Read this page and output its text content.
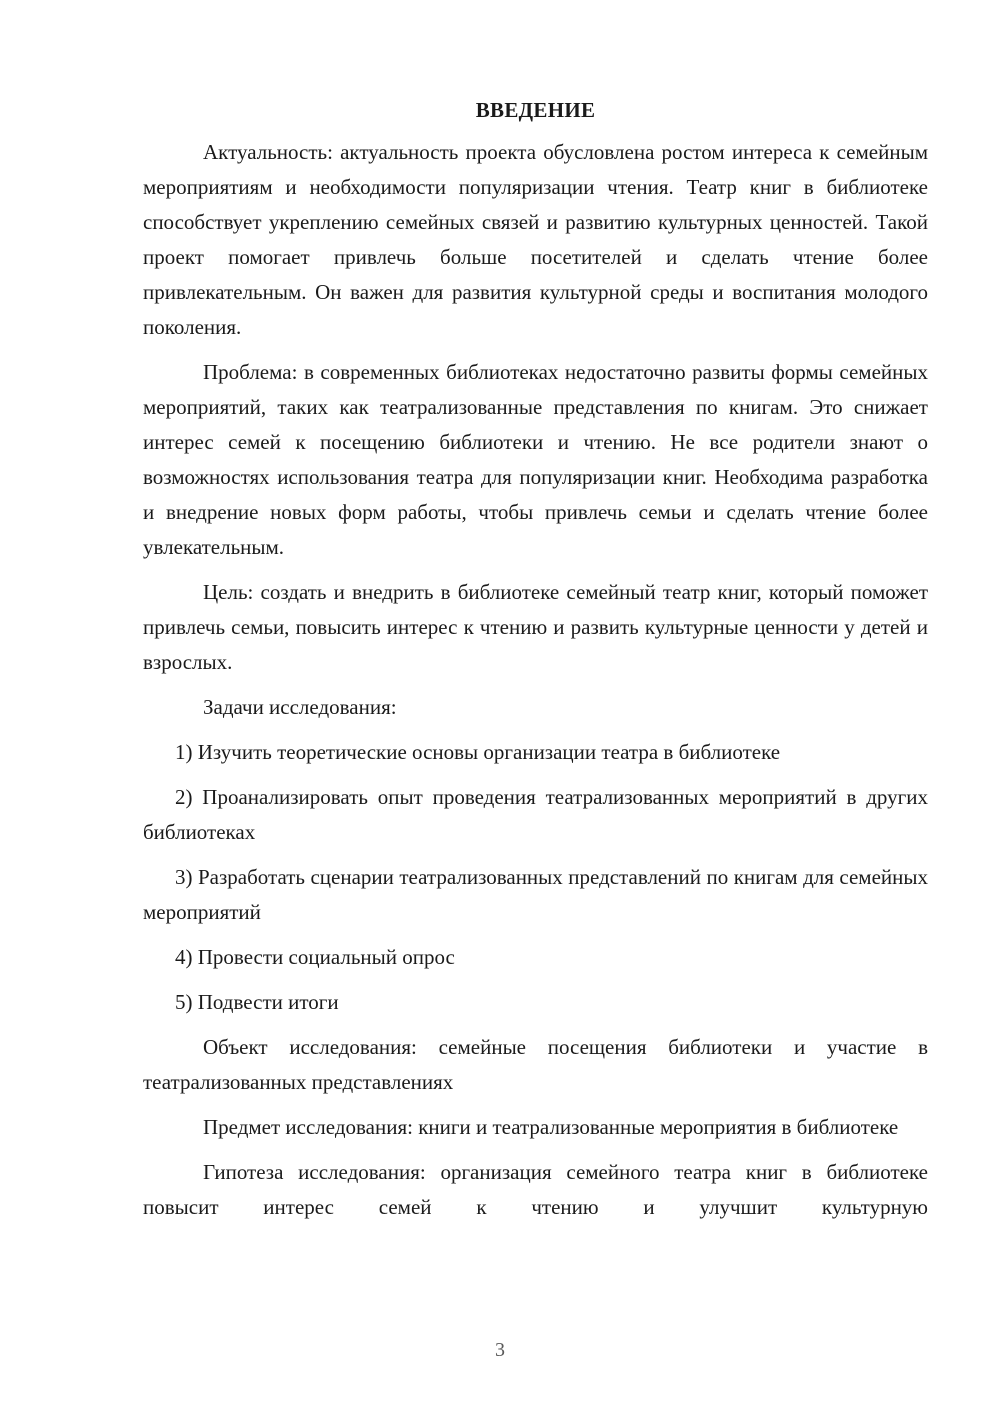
ВВЕДЕНИЕ

Актуальность: актуальность проекта обусловлена ростом интереса к семейным мероприятиям и необходимости популяризации чтения. Театр книг в библиотеке способствует укреплению семейных связей и развитию культурных ценностей. Такой проект помогает привлечь больше посетителей и сделать чтение более привлекательным. Он важен для развития культурной среды и воспитания молодого поколения.

Проблема: в современных библиотеках недостаточно развиты формы семейных мероприятий, таких как театрализованные представления по книгам. Это снижает интерес семей к посещению библиотеки и чтению. Не все родители знают о возможностях использования театра для популяризации книг. Необходима разработка и внедрение новых форм работы, чтобы привлечь семьи и сделать чтение более увлекательным.

Цель: создать и внедрить в библиотеке семейный театр книг, который поможет привлечь семьи, повысить интерес к чтению и развить культурные ценности у детей и взрослых.

Задачи исследования:

1) Изучить теоретические основы организации театра в библиотеке

2) Проанализировать опыт проведения театрализованных мероприятий в других библиотеках

3) Разработать сценарии театрализованных представлений по книгам для семейных мероприятий

4) Провести социальный опрос

5) Подвести итоги

Объект исследования: семейные посещения библиотеки и участие в театрализованных представлениях

Предмет исследования: книги и театрализованные мероприятия в библиотеке

Гипотеза исследования: организация семейного театра книг в библиотеке повысит интерес семей к чтению и улучшит культурную

3
